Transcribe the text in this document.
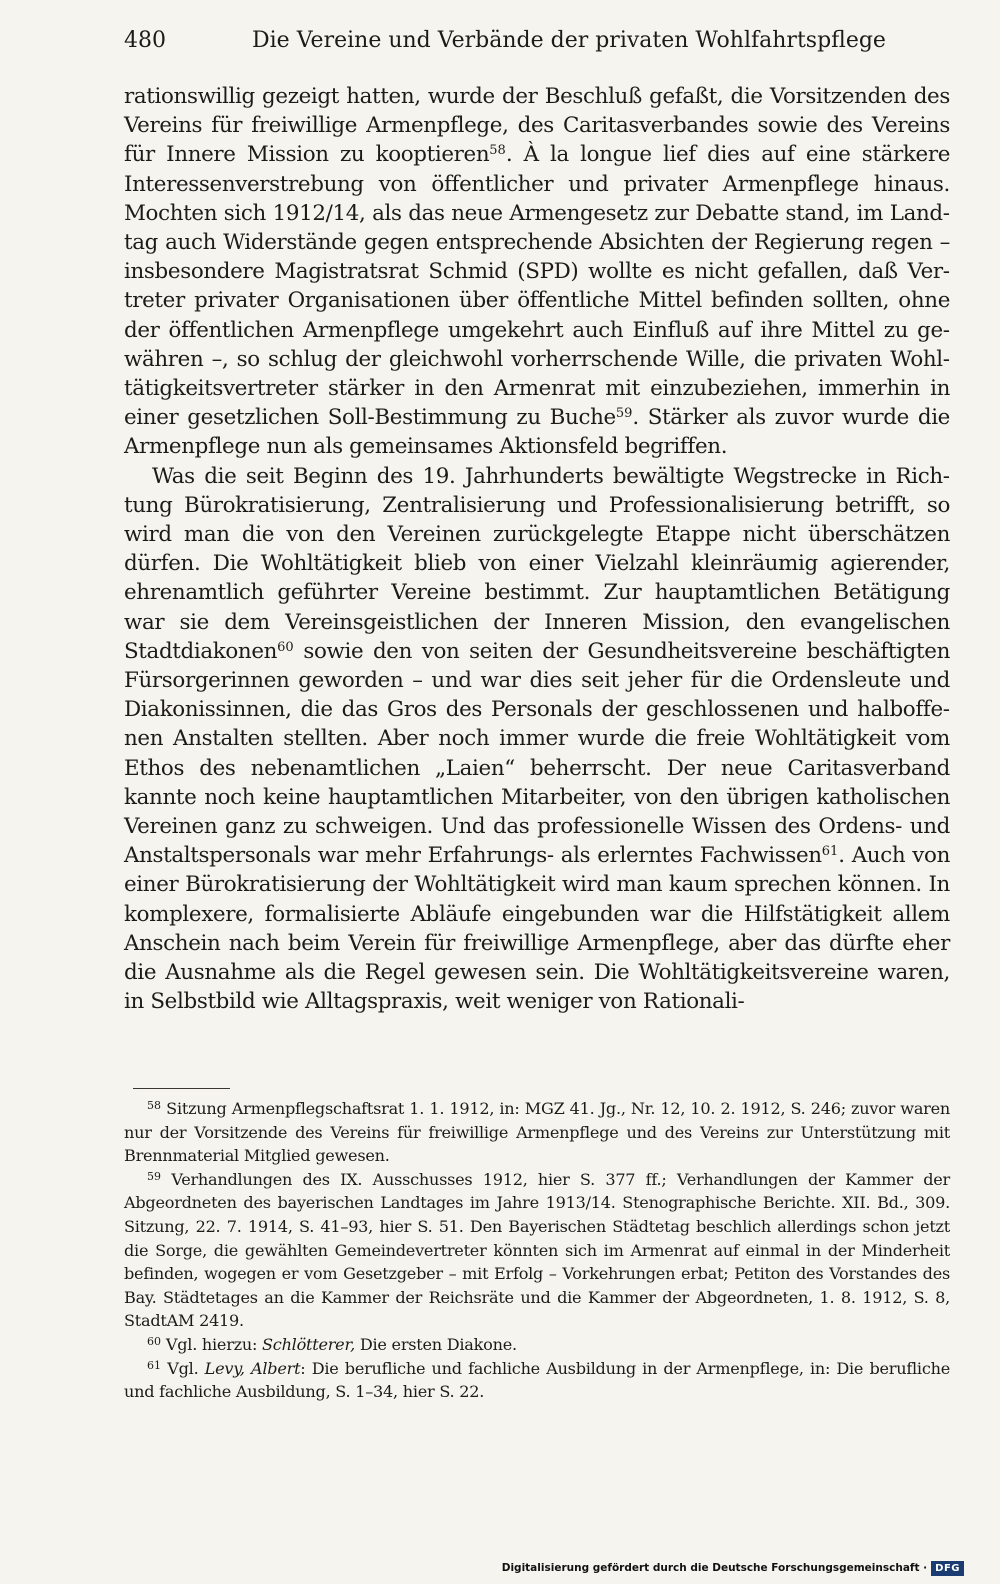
480	Die Vereine und Verbände der privaten Wohlfahrtspflege

rationswillig gezeigt hatten, wurde der Beschluß gefaßt, die Vorsitzenden des Vereins für freiwillige Armenpflege, des Caritasverbandes sowie des Vereins für Innere Mission zu kooptieren$^{58}$. À la longue lief dies auf eine stärkere Interessenverstrebung von öffentlicher und privater Armenpflege hinaus. Mochten sich 1912/14, als das neue Armengesetz zur Debatte stand, im Landtag auch Widerstände gegen entsprechende Absichten der Regierung regen – insbesondere Magistratsrat Schmid (SPD) wollte es nicht gefallen, daß Vertreter privater Organisationen über öffentliche Mittel befinden sollten, ohne der öffentlichen Armenpflege umgekehrt auch Einfluß auf ihre Mittel zu gewähren –, so schlug der gleichwohl vorherrschende Wille, die privaten Wohltätigkeitsvertreter stärker in den Armenrat mit einzubeziehen, immerhin in einer gesetzlichen Soll-Bestimmung zu Buche$^{59}$. Stärker als zuvor wurde die Armenpflege nun als gemeinsames Aktionsfeld begriffen.

Was die seit Beginn des 19. Jahrhunderts bewältigte Wegstrecke in Richtung Bürokratisierung, Zentralisierung und Professionalisierung betrifft, so wird man die von den Vereinen zurückgelegte Etappe nicht überschätzen dürfen. Die Wohltätigkeit blieb von einer Vielzahl kleinräumig agierender, ehrenamtlich geführter Vereine bestimmt. Zur hauptamtlichen Betätigung war sie dem Vereinsgeistlichen der Inneren Mission, den evangelischen Stadtdiakonen$^{60}$ sowie den von seiten der Gesundheitsvereine beschäftigten Fürsorgerinnen geworden – und war dies seit jeher für die Ordensleute und Diakonissinnen, die das Gros des Personals der geschlossenen und halboffenen Anstalten stellten. Aber noch immer wurde die freie Wohltätigkeit vom Ethos des nebenamtlichen „Laien“ beherrscht. Der neue Caritasverband kannte noch keine hauptamtlichen Mitarbeiter, von den übrigen katholischen Vereinen ganz zu schweigen. Und das professionelle Wissen des Ordens- und Anstaltspersonals war mehr Erfahrungs- als erlerntes Fachwissen$^{61}$. Auch von einer Bürokratisierung der Wohltätigkeit wird man kaum sprechen können. In komplexere, formalisierte Abläufe eingebunden war die Hilfstätigkeit allem Anschein nach beim Verein für freiwillige Armenpflege, aber das dürfte eher die Ausnahme als die Regel gewesen sein. Die Wohltätigkeitsvereine waren, in Selbstbild wie Alltagspraxis, weit weniger von Rationali-

$^{58}$ Sitzung Armenpflegschaftsrat 1. 1. 1912, in: MGZ 41. Jg., Nr. 12, 10. 2. 1912, S. 246; zuvor waren nur der Vorsitzende des Vereins für freiwillige Armenpflege und des Vereins zur Unterstützung mit Brennmaterial Mitglied gewesen.

$^{59}$ Verhandlungen des IX. Ausschusses 1912, hier S. 377 ff.; Verhandlungen der Kammer der Abgeordneten des bayerischen Landtages im Jahre 1913/14. Stenographische Berichte. XII. Bd., 309. Sitzung, 22. 7. 1914, S. 41–93, hier S. 51. Den Bayerischen Städtetag beschlich allerdings schon jetzt die Sorge, die gewählten Gemeindevertreter könnten sich im Armenrat auf einmal in der Minderheit befinden, wogegen er vom Gesetzgeber – mit Erfolg – Vorkehrungen erbat; Petiton des Vorstandes des Bay. Städtetages an die Kammer der Reichsräte und die Kammer der Abgeordneten, 1. 8. 1912, S. 8, StadtAM 2419.

$^{60}$ Vgl. hierzu: Schlötterer, Die ersten Diakone.

$^{61}$ Vgl. Levy, Albert: Die berufliche und fachliche Ausbildung in der Armenpflege, in: Die berufliche und fachliche Ausbildung, S. 1–34, hier S. 22.

Digitalisierung gefördert durch die Deutsche Forschungsgemeinschaft · DFG
